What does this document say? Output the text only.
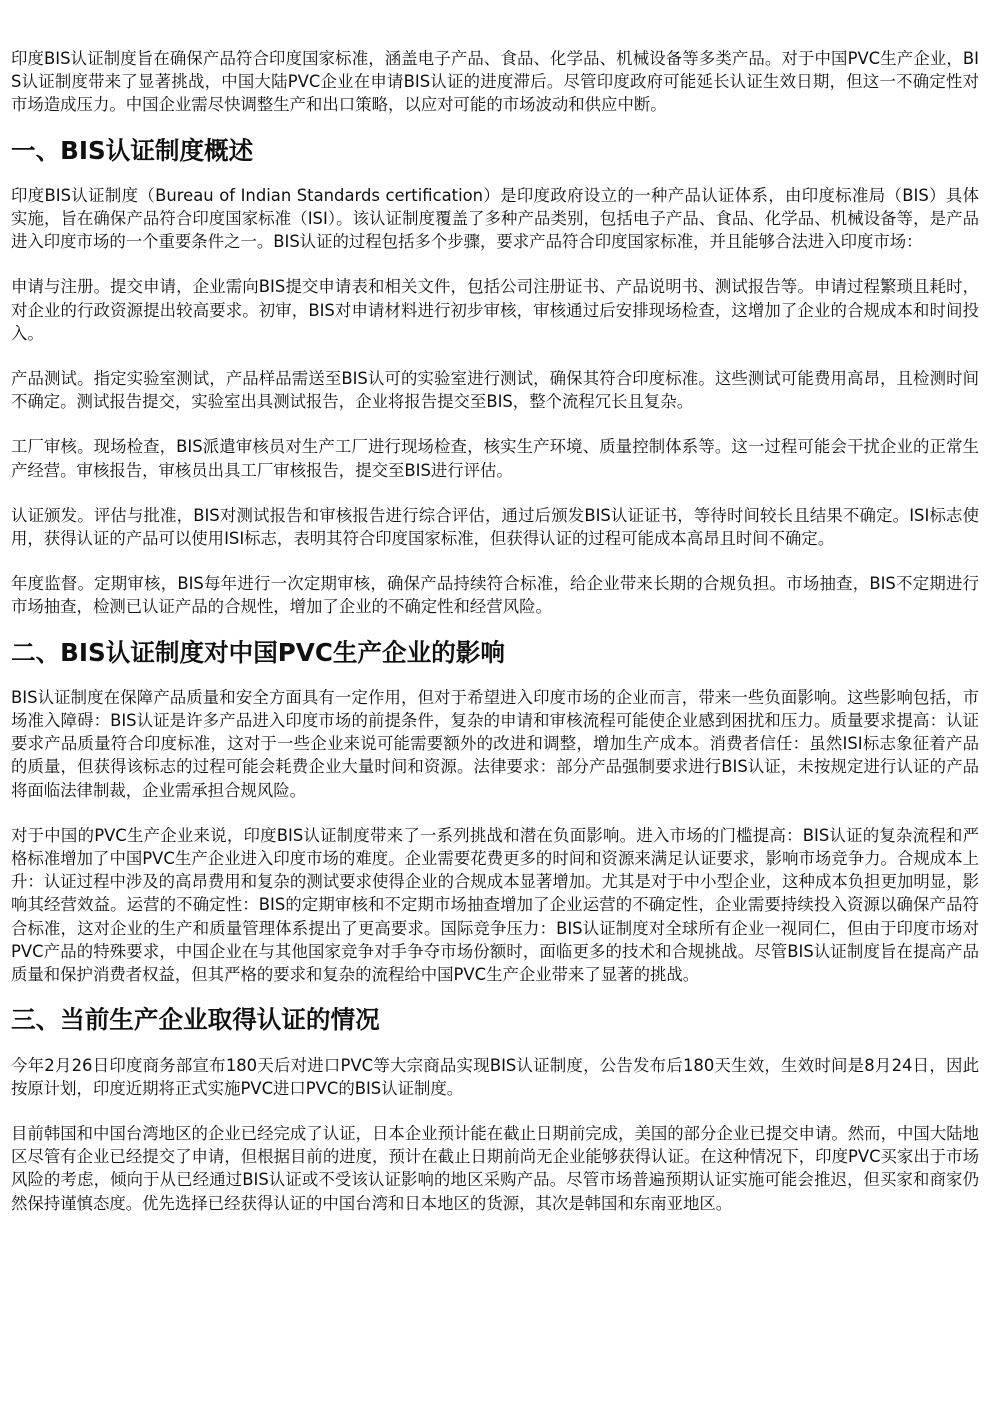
印度BIS认证制度旨在确保产品符合印度国家标准，涵盖电子产品、食品、化学品、机械设备等多类产品。对于中国PVC生产企业，BIS认证制度带来了显著挑战，中国大陆PVC企业在申请BIS认证的进度滞后。尽管印度政府可能延长认证生效日期，但这一不确定性对市场造成压力。中国企业需尽快调整生产和出口策略，以应对可能的市场波动和供应中断。

一、BIS认证制度概述

印度BIS认证制度（Bureau of Indian Standards certification）是印度政府设立的一种产品认证体系，由印度标准局（BIS）具体实施，旨在确保产品符合印度国家标准（ISI）。该认证制度覆盖了多种产品类别，包括电子产品、食品、化学品、机械设备等，是产品进入印度市场的一个重要条件之一。BIS认证的过程包括多个步骤，要求产品符合印度国家标准，并且能够合法进入印度市场：

申请与注册。提交申请，企业需向BIS提交申请表和相关文件，包括公司注册证书、产品说明书、测试报告等。申请过程繁琐且耗时，对企业的行政资源提出较高要求。初审，BIS对申请材料进行初步审核，审核通过后安排现场检查，这增加了企业的合规成本和时间投入。

产品测试。指定实验室测试，产品样品需送至BIS认可的实验室进行测试，确保其符合印度标准。这些测试可能费用高昂，且检测时间不确定。测试报告提交，实验室出具测试报告，企业将报告提交至BIS，整个流程冗长且复杂。

工厂审核。现场检查，BIS派遣审核员对生产工厂进行现场检查，核实生产环境、质量控制体系等。这一过程可能会干扰企业的正常生产经营。审核报告，审核员出具工厂审核报告，提交至BIS进行评估。

认证颁发。评估与批准，BIS对测试报告和审核报告进行综合评估，通过后颁发BIS认证证书，等待时间较长且结果不确定。ISI标志使用，获得认证的产品可以使用ISI标志，表明其符合印度国家标准，但获得认证的过程可能成本高昂且时间不确定。

年度监督。定期审核，BIS每年进行一次定期审核，确保产品持续符合标准，给企业带来长期的合规负担。市场抽查，BIS不定期进行市场抽查，检测已认证产品的合规性，增加了企业的不确定性和经营风险。

二、BIS认证制度对中国PVC生产企业的影响

BIS认证制度在保障产品质量和安全方面具有一定作用，但对于希望进入印度市场的企业而言，带来一些负面影响。这些影响包括，市场准入障碍：BIS认证是许多产品进入印度市场的前提条件，复杂的申请和审核流程可能使企业感到困扰和压力。质量要求提高：认证要求产品质量符合印度标准，这对于一些企业来说可能需要额外的改进和调整，增加生产成本。消费者信任：虽然ISI标志象征着产品的质量，但获得该标志的过程可能会耗费企业大量时间和资源。法律要求：部分产品强制要求进行BIS认证，未按规定进行认证的产品将面临法律制裁，企业需承担合规风险。

对于中国的PVC生产企业来说，印度BIS认证制度带来了一系列挑战和潜在负面影响。进入市场的门槛提高：BIS认证的复杂流程和严格标准增加了中国PVC生产企业进入印度市场的难度。企业需要花费更多的时间和资源来满足认证要求，影响市场竞争力。合规成本上升：认证过程中涉及的高昂费用和复杂的测试要求使得企业的合规成本显著增加。尤其是对于中小型企业，这种成本负担更加明显，影响其经营效益。运营的不确定性：BIS的定期审核和不定期市场抽查增加了企业运营的不确定性，企业需要持续投入资源以确保产品符合标准，这对企业的生产和质量管理体系提出了更高要求。国际竞争压力：BIS认证制度对全球所有企业一视同仁，但由于印度市场对PVC产品的特殊要求，中国企业在与其他国家竞争对手争夺市场份额时，面临更多的技术和合规挑战。尽管BIS认证制度旨在提高产品质量和保护消费者权益，但其严格的要求和复杂的流程给中国PVC生产企业带来了显著的挑战。

三、当前生产企业取得认证的情况

今年2月26日印度商务部宣布180天后对进口PVC等大宗商品实现BIS认证制度，公告发布后180天生效，生效时间是8月24日，因此按原计划，印度近期将正式实施PVC进口PVC的BIS认证制度。

目前韩国和中国台湾地区的企业已经完成了认证，日本企业预计能在截止日期前完成，美国的部分企业已提交申请。然而，中国大陆地区尽管有企业已经提交了申请，但根据目前的进度，预计在截止日期前尚无企业能够获得认证。在这种情况下，印度PVC买家出于市场风险的考虑，倾向于从已经通过BIS认证或不受该认证影响的地区采购产品。尽管市场普遍预期认证实施可能会推迟，但买家和商家仍然保持谨慎态度。优先选择已经获得认证的中国台湾和日本地区的货源，其次是韩国和东南亚地区。
